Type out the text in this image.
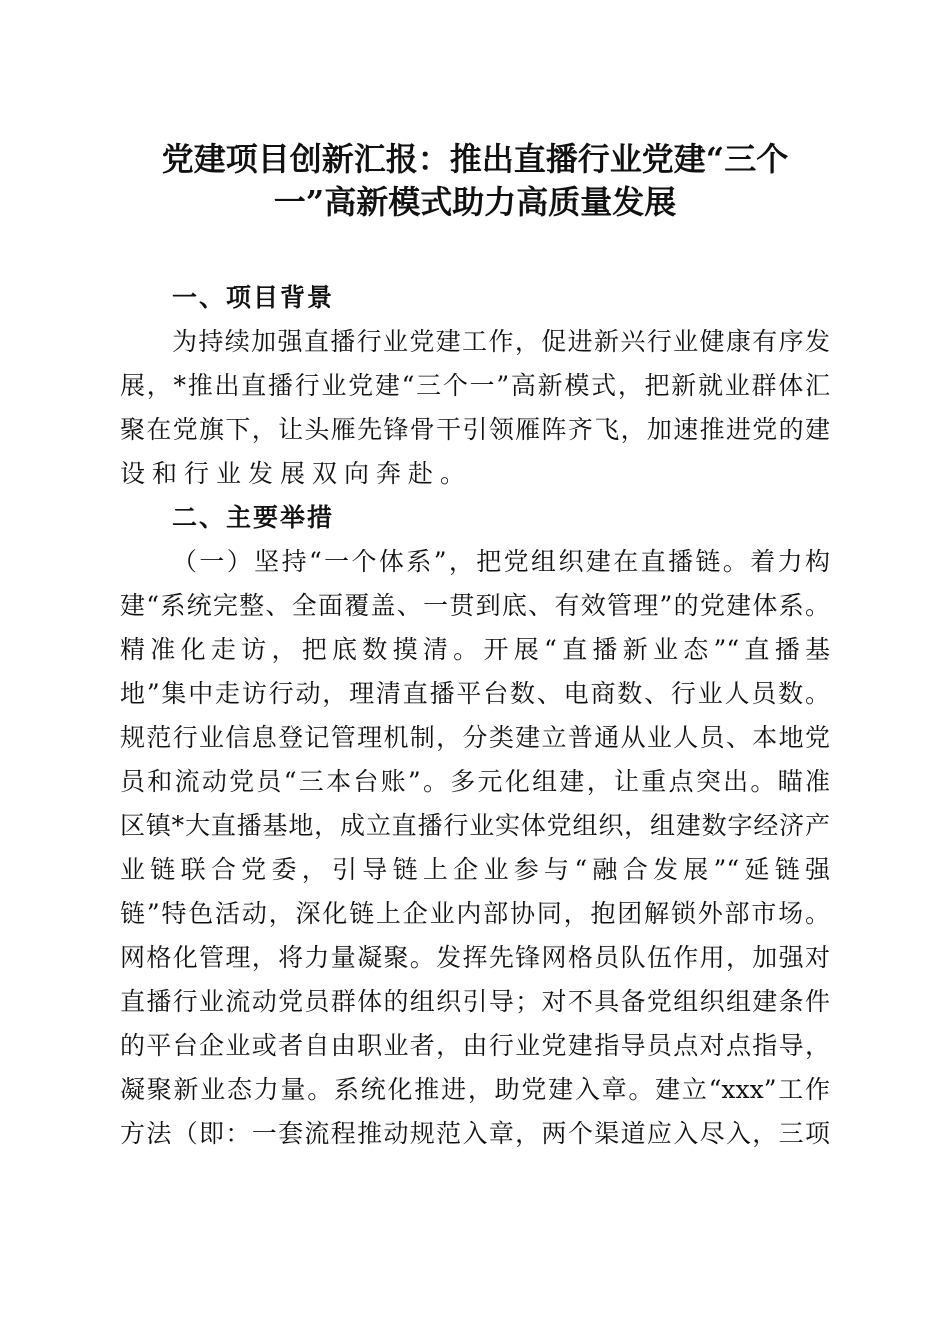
党建项目创新汇报：推出直播行业党建“三个
一”高新模式助力高质量发展
一、项目背景
为持续加强直播行业党建工作，促进新兴行业健康有序发
展，*推出直播行业党建“三个一”高新模式，把新就业群体汇
聚在党旗下，让头雁先锋骨干引领雁阵齐飞，加速推进党的建
设和行业发展双向奔赴。
二、主要举措
（一）坚持“一个体系”，把党组织建在直播链。着力构
建“系统完整、全面覆盖、一贯到底、有效管理”的党建体系。
精准化走访，把底数摸清。开展“直播新业态”“直播基
地”集中走访行动，理清直播平台数、电商数、行业人员数。
规范行业信息登记管理机制，分类建立普通从业人员、本地党
员和流动党员“三本台账”。多元化组建，让重点突出。瞄准
区镇*大直播基地，成立直播行业实体党组织，组建数字经济产
业链联合党委，引导链上企业参与“融合发展”“延链强
链”特色活动，深化链上企业内部协同，抱团解锁外部市场。
网格化管理，将力量凝聚。发挥先锋网格员队伍作用，加强对
直播行业流动党员群体的组织引导；对不具备党组织组建条件
的平台企业或者自由职业者，由行业党建指导员点对点指导，
凝聚新业态力量。系统化推进，助党建入章。建立“xxx”工作
方法（即：一套流程推动规范入章，两个渠道应入尽入，三项
